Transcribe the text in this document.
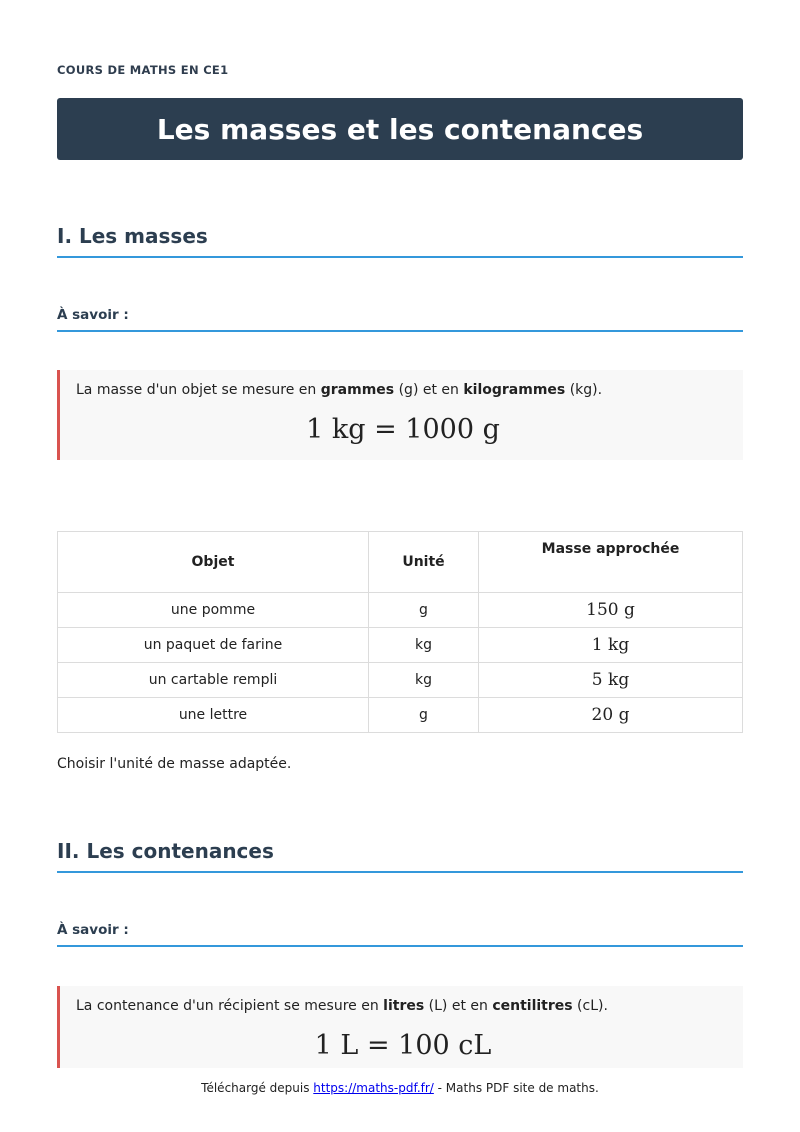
COURS DE MATHS EN CE1
Les masses et les contenances
I. Les masses
À savoir :
La masse d'un objet se mesure en grammes (g) et en kilogrammes (kg).
1 kg = 1000 g
Objet	Unité	Masse approchée
une pomme	g	150 g
un paquet de farine	kg	1 kg
un cartable rempli	kg	5 kg
une lettre	g	20 g
Choisir l'unité de masse adaptée.
II. Les contenances
À savoir :
La contenance d'un récipient se mesure en litres (L) et en centilitres (cL).
1 L = 100 cL
Téléchargé depuis https://maths-pdf.fr/ - Maths PDF site de maths.
